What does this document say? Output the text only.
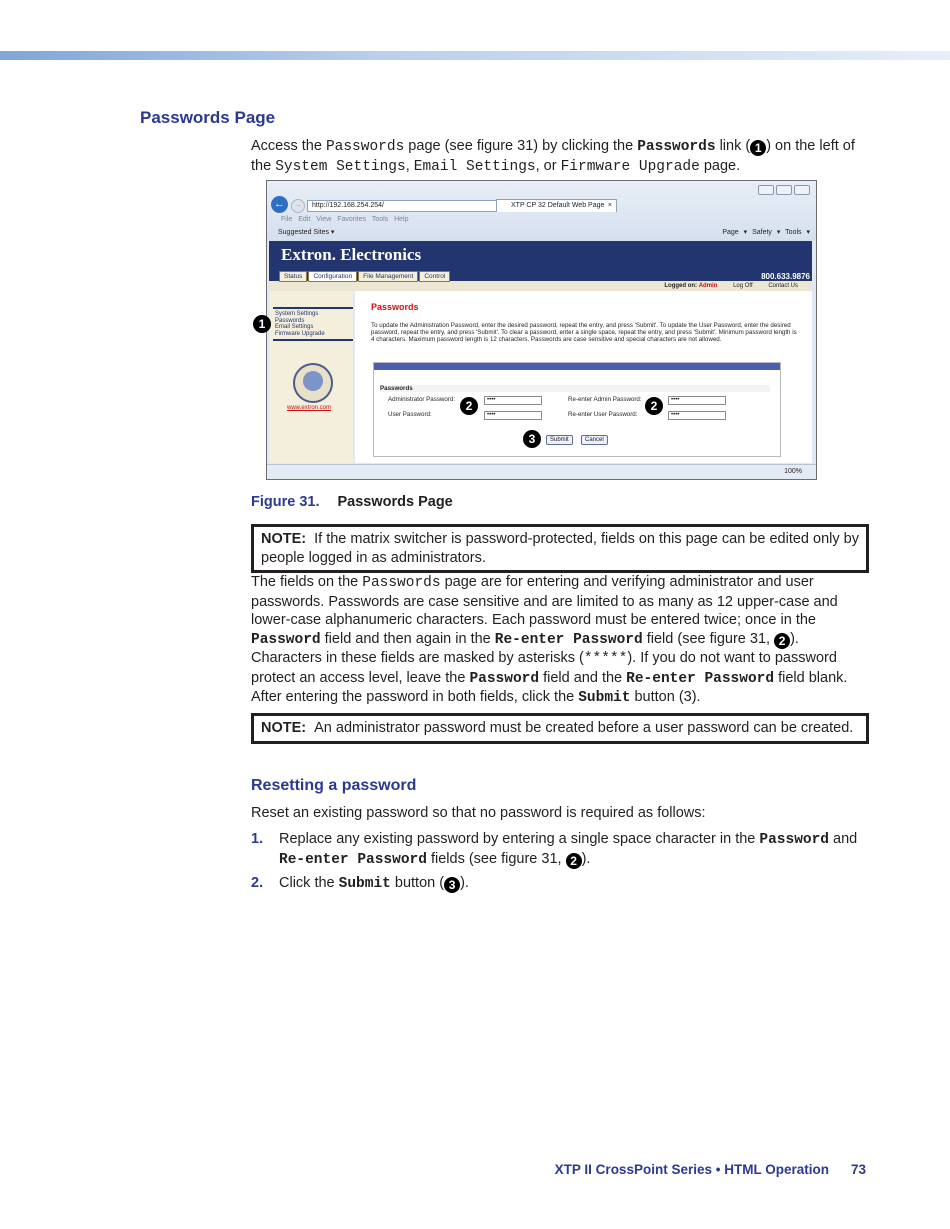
Passwords Page

Access the Passwords page (see figure 31) by clicking the Passwords link ( 1 ) on the left of the System Settings, Email Settings, or Firmware Upgrade page.

←	→	http://192.168.254.254/	XTP CP 32 Default Web Page ×
File Edit View Favorites Tools Help
Suggested Sites ▾	Page ▾ Safety ▾ Tools ▾
Extron. Electronics
800.633.9876
Status Configuration File Management Control
Logged on: Admin	Log Off	Contact Us
System Settings
Passwords
Email Settings
Firmware Upgrade
www.extron.com
Passwords
To update the Administration Password, enter the desired password, repeat the entry, and press 'Submit'. To update the User Password, enter the desired password, repeat the entry, and press 'Submit'. To clear a password, enter a single space, repeat the entry, and press 'Submit'. Minimum password length is 4 characters. Maximum password length is 12 characters. Passwords are case sensitive and special characters are not allowed.
Passwords
Administrator Password:	••••	Re-enter Admin Password:	••••
User Password:	••••	Re-enter User Password:	••••
Submit	Cancel
100%
1
2	2
3
Figure 31. Passwords Page
NOTE: If the matrix switcher is password-protected, fields on this page can be edited only by people logged in as administrators.

The fields on the Passwords page are for entering and verifying administrator and user passwords. Passwords are case sensitive and are limited to as many as 12 upper-case and lower-case alphanumeric characters. Each password must be entered twice; once in the Password field and then again in the Re-enter Password field (see figure 31, 2 ). Characters in these fields are masked by asterisks (*****). If you do not want to password protect an access level, leave the Password field and the Re-enter Password field blank. After entering the password in both fields, click the Submit button (3).

NOTE: An administrator password must be created before a user password can be created.
Resetting a password

Reset an existing password so that no password is required as follows:

1. Replace any existing password by entering a single space character in the Password and Re-enter Password fields (see figure 31, 2 ).
2. Click the Submit button ( 3 ).
XTP II CrossPoint Series • HTML Operation 73
